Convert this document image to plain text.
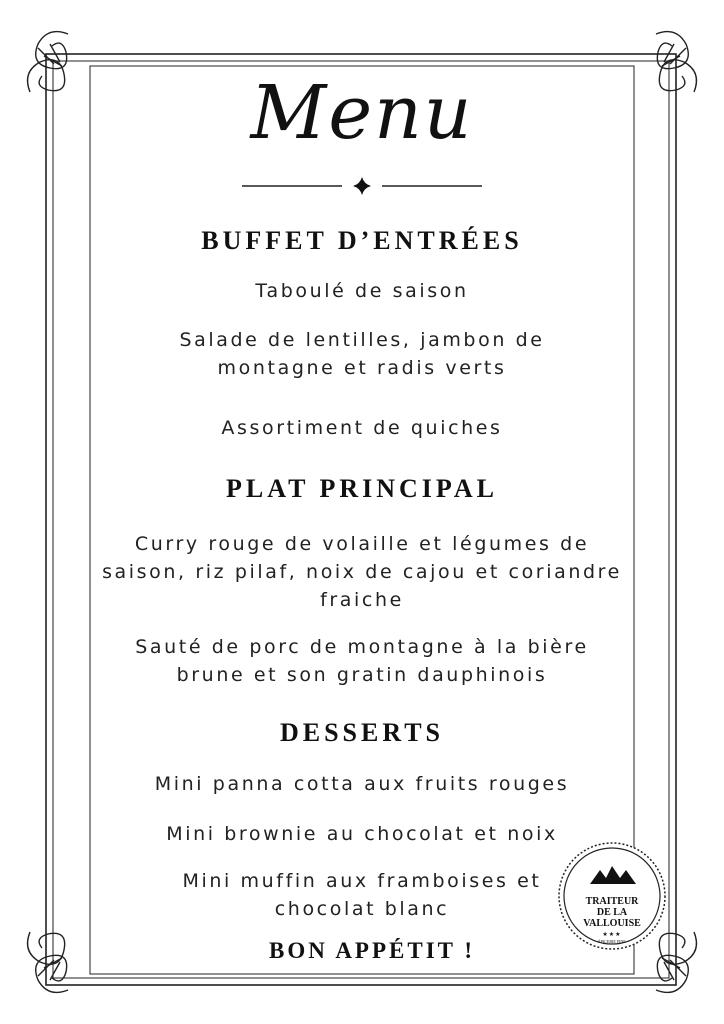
Menu
BUFFET D’ENTRÉES
Taboulé de saison
Salade de lentilles, jambon de
montagne et radis verts
Assortiment de quiches
PLAT PRINCIPAL
Curry rouge de volaille et légumes de
saison, riz pilaf, noix de cajou et coriandre
fraiche
Sauté de porc de montagne à la bière
brune et son gratin dauphinois
DESSERTS
Mini panna cotta aux fruits rouges
Mini brownie au chocolat et noix
Mini muffin aux framboises et
chocolat blanc
BON APPÉTIT !
TRAITEUR
DE LA
VALLOUISE
★★★
ÉPICERIE FINE
